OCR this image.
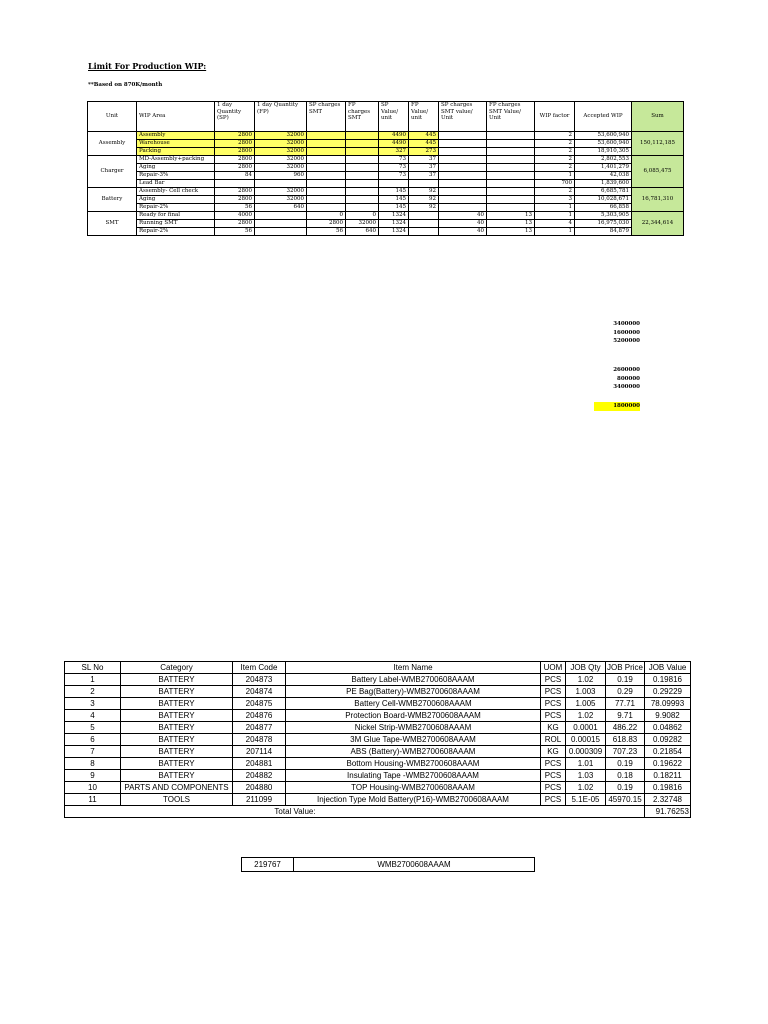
Limit For Production WIP:
**Based on 870K/month
Unit	WIP Area	1 day Quantity (SP)	1 day Quantity (FP)	SP charges SMT	FP charges SMT	SP Value/ unit	FP Value/ unit	SP charges SMT value/ Unit	FP charges SMT Value/ Unit	WIP factor	Accepted WIP	Sum
Assembly	Assembly	2800	32000			4490	445			2	53,600,940	150,112,185
	Warehouse	2800	32000			4490	445			2	53,600,940	
	Packing	2800	32000			327	273			2	18,910,305	
Charger	MD-Assembly+packing	2800	32000			73	37			2	2,802,553	6,085,475
	Aging	2800	32000			73	37			2	1,401,279	
	Repair-3%	84	960			73	37			1	42,038	
	Lead Bar									700	1,839,600	
Battery	Assembly- Cell check	2800	32000			145	92			2	6,685,781	16,781,310
	Aging	2800	32000			145	92			3	10,028,671	
	Repair-2%	56	640			145	92			1	66,858	
SMT	Ready for final	4000		0	0	1324		40	13	1	5,303,905	22,344,614
	Running SMT	2800		2800	32000	1324		40	13	4	16,975,030	
	Repair-2%	56		56	640	1324		40	13	1	84,879	
3400000
1600000
5200000
2600000
800000
3400000
1800000
SL No	Category	Item Code	Item Name	UOM	JOB Qty	JOB Price	JOB Value
1	BATTERY	204873	Battery Label-WMB2700608AAAM	PCS	1.02	0.19	0.19816
2	BATTERY	204874	PE Bag(Battery)-WMB2700608AAAM	PCS	1.003	0.29	0.29229
3	BATTERY	204875	Battery Cell-WMB2700608AAAM	PCS	1.005	77.71	78.09993
4	BATTERY	204876	Protection Board-WMB2700608AAAM	PCS	1.02	9.71	9.9082
5	BATTERY	204877	Nickel Strip-WMB2700608AAAM	KG	0.0001	486.22	0.04862
6	BATTERY	204878	3M Glue Tape-WMB2700608AAAM	ROL	0.00015	618.83	0.09282
7	BATTERY	207114	ABS (Battery)-WMB2700608AAAM	KG	0.000309	707.23	0.21854
8	BATTERY	204881	Bottom Housing-WMB2700608AAAM	PCS	1.01	0.19	0.19622
9	BATTERY	204882	Insulating Tape -WMB2700608AAAM	PCS	1.03	0.18	0.18211
10	PARTS AND COMPONENTS	204880	TOP Housing-WMB2700608AAAM	PCS	1.02	0.19	0.19816
11	TOOLS	211099	Injection Type Mold Battery(P16)-WMB2700608AAAM	PCS	5.1E-05	45970.15	2.32748
Total Value:							91.76253
219767	WMB2700608AAAM
